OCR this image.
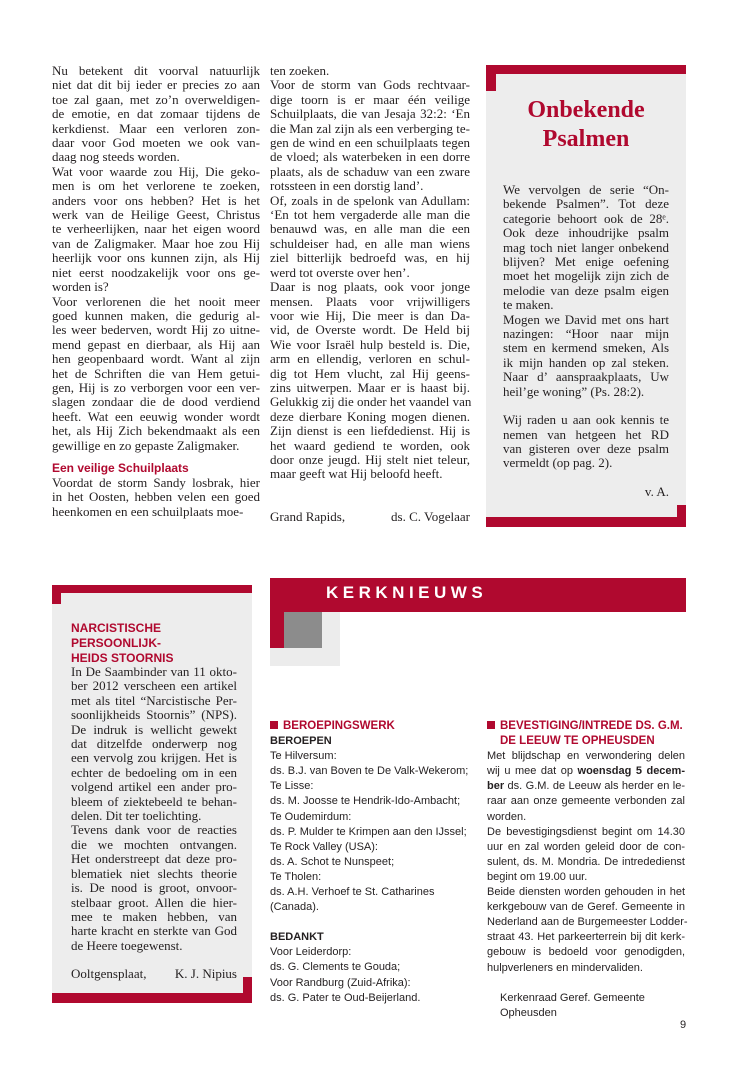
Nu betekent dit voorval natuurlijk
niet dat dit bij ieder er precies zo aan
toe zal gaan, met zo’n overweldigen-
de emotie, en dat zomaar tijdens de
kerkdienst. Maar een verloren zon-
daar voor God moeten we ook van-
daag nog steeds worden.
Wat voor waarde zou Hij, Die geko-
men is om het verlorene te zoeken,
anders voor ons hebben? Het is het
werk van de Heilige Geest, Christus
te verheerlijken, naar het eigen woord
van de Zaligmaker. Maar hoe zou Hij
heerlijk voor ons kunnen zijn, als Hij
niet eerst noodzakelijk voor ons ge-
worden is?
Voor verlorenen die het nooit meer
goed kunnen maken, die gedurig al-
les weer bederven, wordt Hij zo uitne-
mend gepast en dierbaar, als Hij aan
hen geopenbaard wordt. Want al zijn
het de Schriften die van Hem getui-
gen, Hij is zo verborgen voor een ver-
slagen zondaar die de dood verdiend
heeft. Wat een eeuwig wonder wordt
het, als Hij Zich bekendmaakt als een
gewillige en zo gepaste Zaligmaker.
Een veilige Schuilplaats
Voordat de storm Sandy losbrak, hier
in het Oosten, hebben velen een goed
heenkomen en een schuilplaats moe-
ten zoeken.
Voor de storm van Gods rechtvaar-
dige toorn is er maar één veilige
Schuilplaats, die van Jesaja 32:2: ‘En
die Man zal zijn als een verberging te-
gen de wind en een schuilplaats tegen
de vloed; als waterbeken in een dorre
plaats, als de schaduw van een zware
rotssteen in een dorstig land’.
Of, zoals in de spelonk van Adullam:
‘En tot hem vergaderde alle man die
benauwd was, en alle man die een
schuldeiser had, en alle man wiens
ziel bitterlijk bedroefd was, en hij
werd tot overste over hen’.
Daar is nog plaats, ook voor jonge
mensen. Plaats voor vrijwilligers
voor wie Hij, Die meer is dan Da-
vid, de Overste wordt. De Held bij
Wie voor Israël hulp besteld is. Die,
arm en ellendig, verloren en schul-
dig tot Hem vlucht, zal Hij geens-
zins uitwerpen. Maar er is haast bij.
Gelukkig zij die onder het vaandel van
deze dierbare Koning mogen dienen.
Zijn dienst is een liefdedienst. Hij is
het waard gediend te worden, ook
door onze jeugd. Hij stelt niet teleur,
maar geeft wat Hij beloofd heeft.
Grand Rapids,	ds. C. Vogelaar
Onbekende
Psalmen
We vervolgen de serie “On-
bekende Psalmen”. Tot deze
categorie behoort ook de 28ᵉ.
Ook deze inhoudrijke psalm
mag toch niet langer onbekend
blijven? Met enige oefening
moet het mogelijk zijn zich de
melodie van deze psalm eigen
te maken.
Mogen we David met ons hart
nazingen: “Hoor naar mijn
stem en kermend smeken, Als
ik mijn handen op zal steken.
Naar d’ aanspraakplaats, Uw
heil’ge woning” (Ps. 28:2).
Wij raden u aan ook kennis te
nemen van hetgeen het RD
van gisteren over deze psalm
vermeldt (op pag. 2).
v. A.
NARCISTISCHE PERSOONLIJK-
HEIDS STOORNIS
In De Saambinder van 11 okto-
ber 2012 verscheen een artikel
met als titel “Narcistische Per-
soonlijkheids Stoornis” (NPS).
De indruk is wellicht gewekt
dat ditzelfde onderwerp nog
een vervolg zou krijgen. Het is
echter de bedoeling om in een
volgend artikel een ander pro-
bleem of ziektebeeld te behan-
delen. Dit ter toelichting.
Tevens dank voor de reacties
die we mochten ontvangen.
Het onderstreept dat deze pro-
blematiek niet slechts theorie
is. De nood is groot, onvoor-
stelbaar groot. Allen die hier-
mee te maken hebben, van
harte kracht en sterkte van God
de Heere toegewenst.
Ooltgensplaat, K. J. Nipius
KERKNIEUWS
BEROEPINGSWERK
BEROEPEN
Te Hilversum:
ds. B.J. van Boven te De Valk-Wekerom;
Te Lisse:
ds. M. Joosse te Hendrik-Ido-Ambacht;
Te Oudemirdum:
ds. P. Mulder te Krimpen aan den IJssel;
Te Rock Valley (USA):
ds. A. Schot te Nunspeet;
Te Tholen:
ds. A.H. Verhoef te St. Catharines (Canada).
BEDANKT
Voor Leiderdorp:
ds. G. Clements te Gouda;
Voor Randburg (Zuid-Afrika):
ds. G. Pater te Oud-Beijerland.
BEVESTIGING/INTREDE DS. G.M.
DE LEEUW TE OPHEUSDEN
Met blijdschap en verwondering delen
wij u mee dat op woensdag 5 decem-
ber ds. G.M. de Leeuw als herder en le-
raar aan onze gemeente verbonden zal
worden.
De bevestigingsdienst begint om 14.30
uur en zal worden geleid door de con-
sulent, ds. M. Mondria. De intrededienst
begint om 19.00 uur.
Beide diensten worden gehouden in het
kerkgebouw van de Geref. Gemeente in
Nederland aan de Burgemeester Lodder-
straat 43. Het parkeerterrein bij dit kerk-
gebouw is bedoeld voor genodigden,
hulpverleners en mindervaliden.
Kerkenraad Geref. Gemeente
Opheusden
9
